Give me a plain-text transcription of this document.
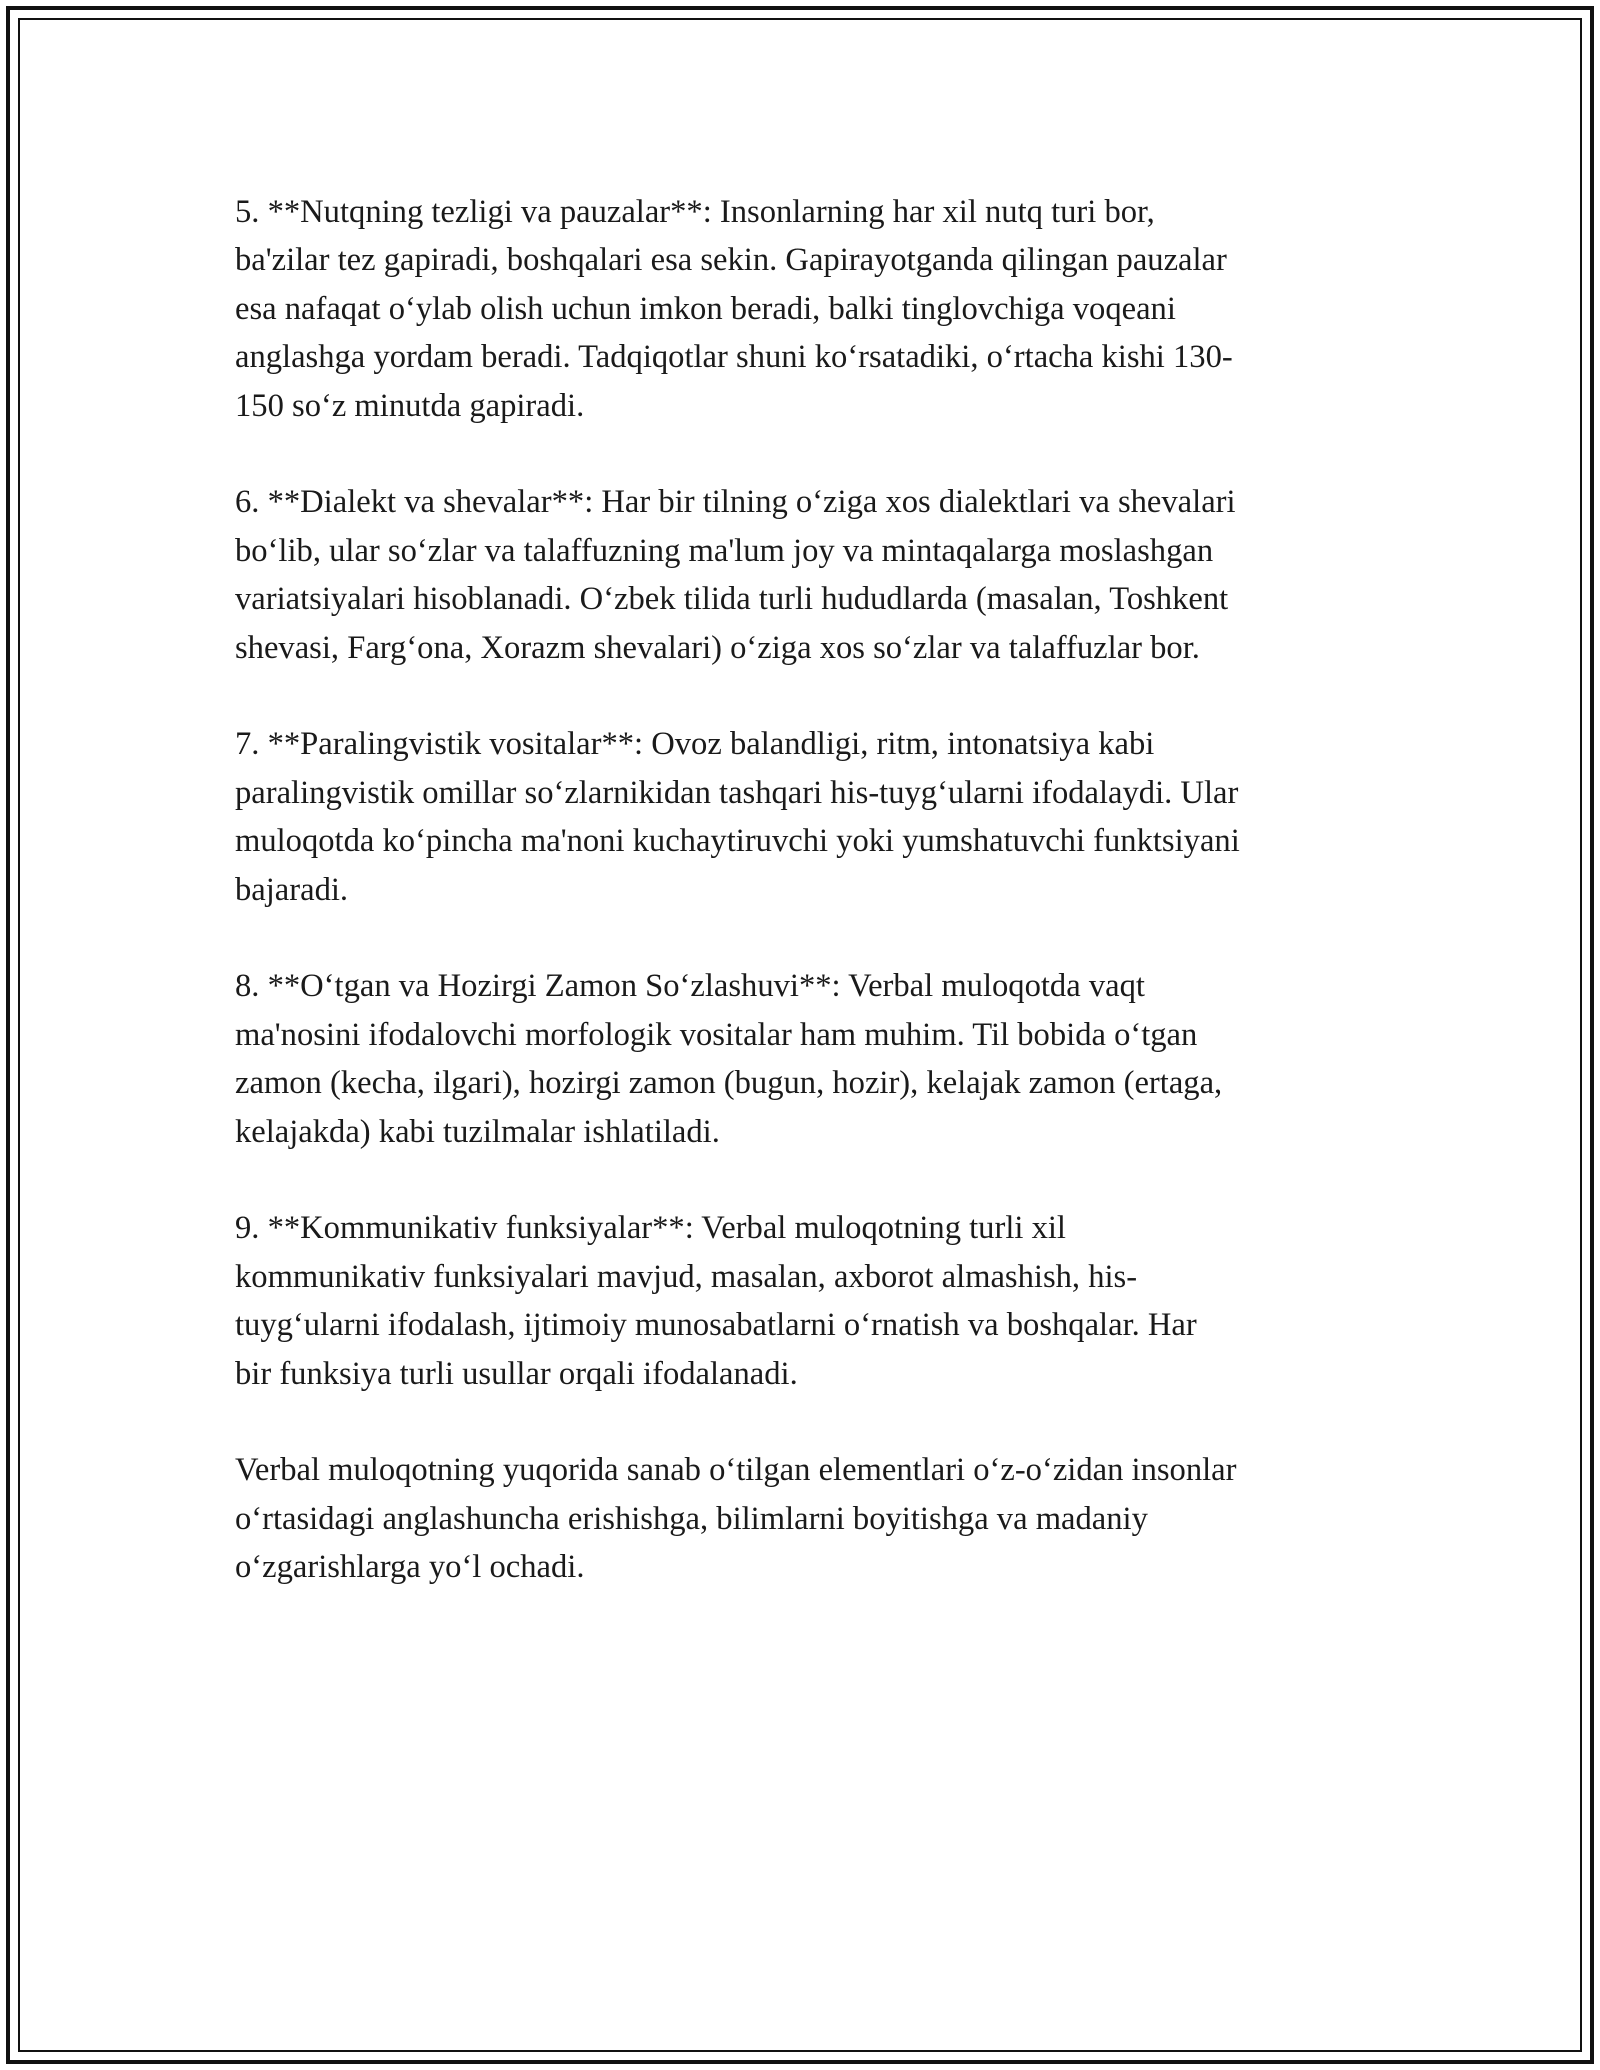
5. **Nutqning tezligi va pauzalar**: Insonlarning har xil nutq turi bor,
ba'zilar tez gapiradi, boshqalari esa sekin. Gapirayotganda qilingan pauzalar
esa nafaqat o‘ylab olish uchun imkon beradi, balki tinglovchiga voqeani
anglashga yordam beradi. Tadqiqotlar shuni ko‘rsatadiki, o‘rtacha kishi 130-
150 so‘z minutda gapiradi.

6. **Dialekt va shevalar**: Har bir tilning o‘ziga xos dialektlari va shevalari
bo‘lib, ular so‘zlar va talaffuzning ma'lum joy va mintaqalarga moslashgan
variatsiyalari hisoblanadi. O‘zbek tilida turli hududlarda (masalan, Toshkent
shevasi, Farg‘ona, Xorazm shevalari) o‘ziga xos so‘zlar va talaffuzlar bor.

7. **Paralingvistik vositalar**: Ovoz balandligi, ritm, intonatsiya kabi
paralingvistik omillar so‘zlarnikidan tashqari his-tuyg‘ularni ifodalaydi. Ular
muloqotda ko‘pincha ma'noni kuchaytiruvchi yoki yumshatuvchi funktsiyani
bajaradi.

8. **O‘tgan va Hozirgi Zamon So‘zlashuvi**: Verbal muloqotda vaqt
ma'nosini ifodalovchi morfologik vositalar ham muhim. Til bobida o‘tgan
zamon (kecha, ilgari), hozirgi zamon (bugun, hozir), kelajak zamon (ertaga,
kelajakda) kabi tuzilmalar ishlatiladi.

9. **Kommunikativ funksiyalar**: Verbal muloqotning turli xil
kommunikativ funksiyalari mavjud, masalan, axborot almashish, his-
tuyg‘ularni ifodalash, ijtimoiy munosabatlarni o‘rnatish va boshqalar. Har
bir funksiya turli usullar orqali ifodalanadi.

Verbal muloqotning yuqorida sanab o‘tilgan elementlari o‘z-o‘zidan insonlar
o‘rtasidagi anglashuncha erishishga, bilimlarni boyitishga va madaniy
o‘zgarishlarga yo‘l ochadi.
